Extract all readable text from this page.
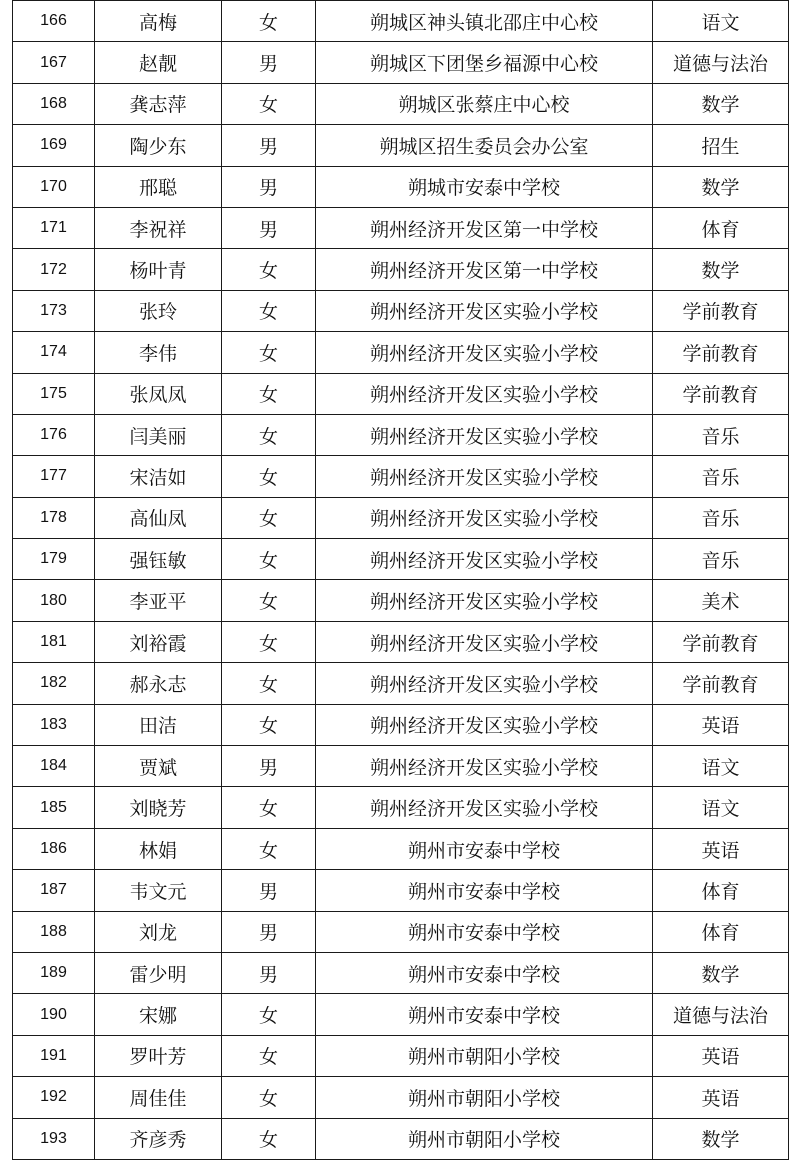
166	高梅	女	朔城区神头镇北邵庄中心校	语文
167	赵靓	男	朔城区下团堡乡福源中心校	道德与法治
168	龚志萍	女	朔城区张蔡庄中心校	数学
169	陶少东	男	朔城区招生委员会办公室	招生
170	邢聪	男	朔城市安泰中学校	数学
171	李祝祥	男	朔州经济开发区第一中学校	体育
172	杨叶青	女	朔州经济开发区第一中学校	数学
173	张玲	女	朔州经济开发区实验小学校	学前教育
174	李伟	女	朔州经济开发区实验小学校	学前教育
175	张凤凤	女	朔州经济开发区实验小学校	学前教育
176	闫美丽	女	朔州经济开发区实验小学校	音乐
177	宋洁如	女	朔州经济开发区实验小学校	音乐
178	高仙凤	女	朔州经济开发区实验小学校	音乐
179	强钰敏	女	朔州经济开发区实验小学校	音乐
180	李亚平	女	朔州经济开发区实验小学校	美术
181	刘裕霞	女	朔州经济开发区实验小学校	学前教育
182	郝永志	女	朔州经济开发区实验小学校	学前教育
183	田洁	女	朔州经济开发区实验小学校	英语
184	贾斌	男	朔州经济开发区实验小学校	语文
185	刘晓芳	女	朔州经济开发区实验小学校	语文
186	林娟	女	朔州市安泰中学校	英语
187	韦文元	男	朔州市安泰中学校	体育
188	刘龙	男	朔州市安泰中学校	体育
189	雷少明	男	朔州市安泰中学校	数学
190	宋娜	女	朔州市安泰中学校	道德与法治
191	罗叶芳	女	朔州市朝阳小学校	英语
192	周佳佳	女	朔州市朝阳小学校	英语
193	齐彦秀	女	朔州市朝阳小学校	数学
